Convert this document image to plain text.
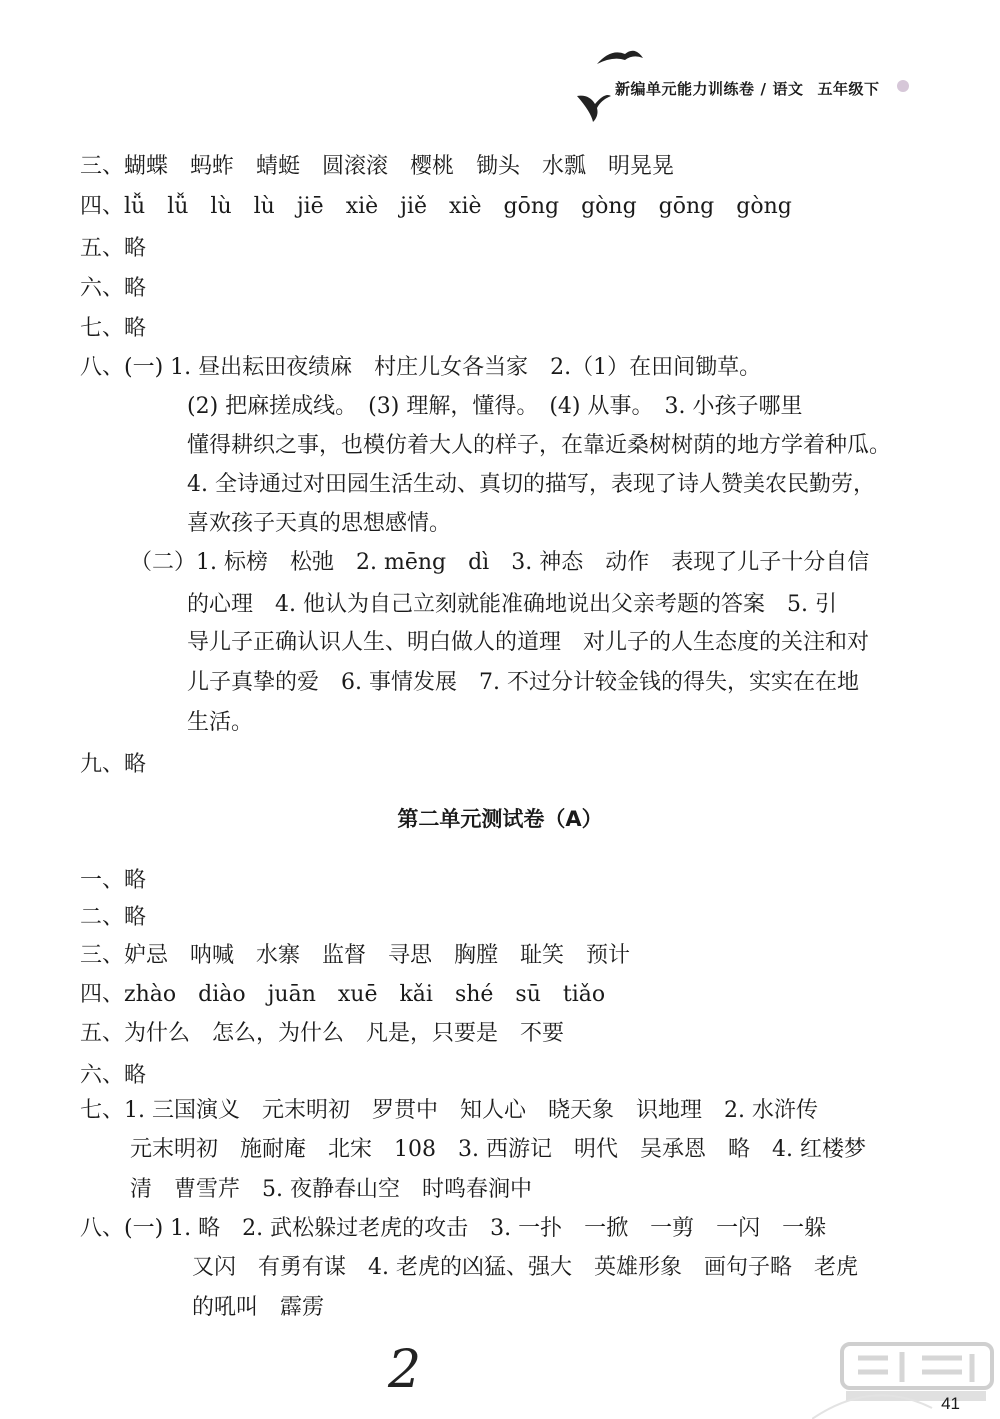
新编单元能力训练卷 / 语文 五年级下
三、蝴蝶　蚂蚱　蜻蜓　圆滚滚　樱桃　锄头　水瓢　明晃晃
四、lǚ　lǚ　lù　lù　jiē　xiè　jiě　xiè　gōng　gòng　gōng　gòng
五、略
六、略
七、略
八、(一) 1. 昼出耘田夜绩麻　村庄儿女各当家　2.（1）在田间锄草。
(2) 把麻搓成线。　(3) 理解，懂得。　(4) 从事。　3. 小孩子哪里
懂得耕织之事，也模仿着大人的样子，在靠近桑树树荫的地方学着种瓜。
4. 全诗通过对田园生活生动、真切的描写，表现了诗人赞美农民勤劳，
喜欢孩子天真的思想感情。
（二）1. 标榜　松弛　2. mēng　dì　3. 神态　动作　表现了儿子十分自信
的心理　4. 他认为自己立刻就能准确地说出父亲考题的答案　5. 引
导儿子正确认识人生、明白做人的道理　对儿子的人生态度的关注和对
儿子真挚的爱　6. 事情发展　7. 不过分计较金钱的得失，实实在在地
生活。
九、略
第二单元测试卷（A）
一、略
二、略
三、妒忌　呐喊　水寨　监督　寻思　胸膛　耻笑　预计
四、zhào　diào　juān　xuē　kǎi　shé　sū　tiǎo
五、为什么　怎么，为什么　凡是，只要是　不要
六、略
七、1. 三国演义　元末明初　罗贯中　知人心　晓天象　识地理　2. 水浒传
元末明初　施耐庵　北宋　108　3. 西游记　明代　吴承恩　略　4. 红楼梦
清　曹雪芹　5. 夜静春山空　时鸣春涧中
八、(一) 1. 略　2. 武松躲过老虎的攻击　3. 一扑　一掀　一剪　一闪　一躲
又闪　有勇有谋　4. 老虎的凶猛、强大　英雄形象　画句子略　老虎
的吼叫　霹雳
2
41
